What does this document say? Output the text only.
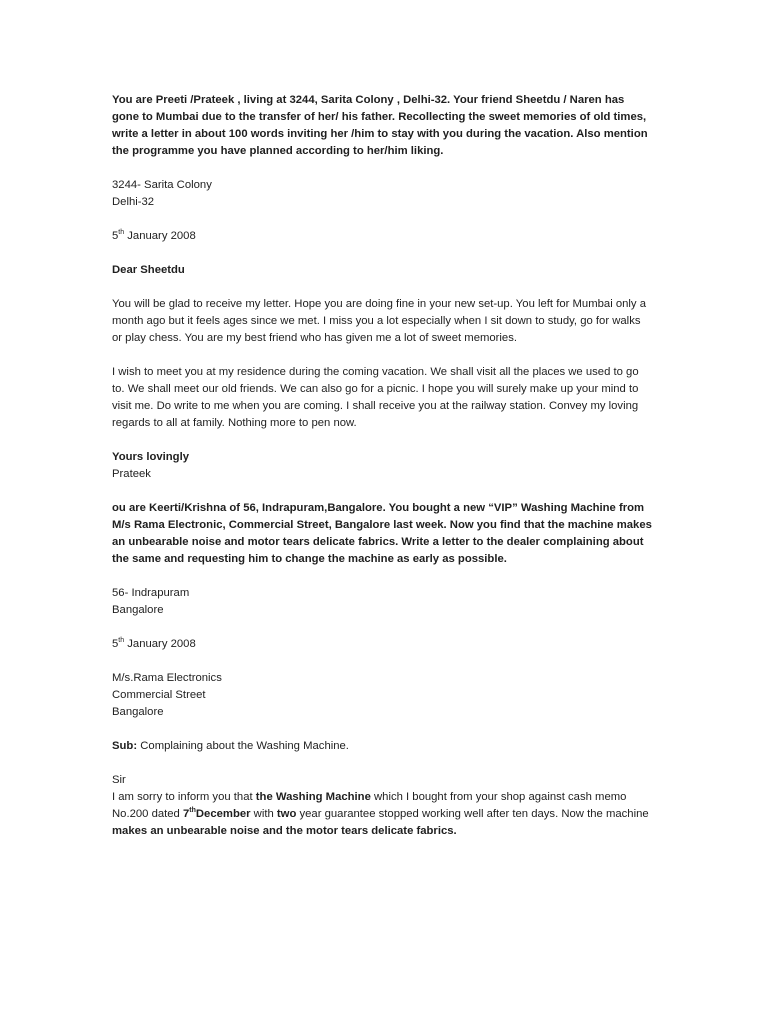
You are Preeti /Prateek , living at 3244, Sarita Colony , Delhi-32. Your friend Sheetdu / Naren has gone to Mumbai due to the transfer of her/ his father. Recollecting the sweet memories of old times, write a letter in about 100 words inviting her /him to stay with you during the vacation. Also mention the programme you have planned according to her/him liking.

3244- Sarita Colony
Delhi-32

5th January 2008

Dear Sheetdu

You will be glad to receive my letter. Hope you are doing fine in your new set-up. You left for Mumbai only a month ago but it feels ages since we met. I miss you a lot especially when I sit down to study, go for walks or play chess. You are my best friend who has given me a lot of sweet memories.

I wish to meet you at my residence during the coming vacation. We shall visit all the places we used to go to. We shall meet our old friends. We can also go for a picnic. I hope you will surely make up your mind to visit me. Do write to me when you are coming. I shall receive you at the railway station. Convey my loving regards to all at family. Nothing more to pen now.

Yours lovingly

Prateek

ou are Keerti/Krishna of 56, Indrapuram,Bangalore. You bought a new “VIP” Washing Machine from M/s Rama Electronic, Commercial Street, Bangalore last week. Now you find that the machine makes an unbearable noise and motor tears delicate fabrics. Write a letter to the dealer complaining about the same and requesting him to change the machine as early as possible.

56- Indrapuram
Bangalore

5th January 2008

M/s.Rama Electronics
Commercial Street
Bangalore

Sub: Complaining about the Washing Machine.

Sir

I am sorry to inform you that the Washing Machine which I bought from your shop against cash memo No.200 dated 7thDecember with two year guarantee stopped working well after ten days. Now the machine makes an unbearable noise and the motor tears delicate fabrics.
